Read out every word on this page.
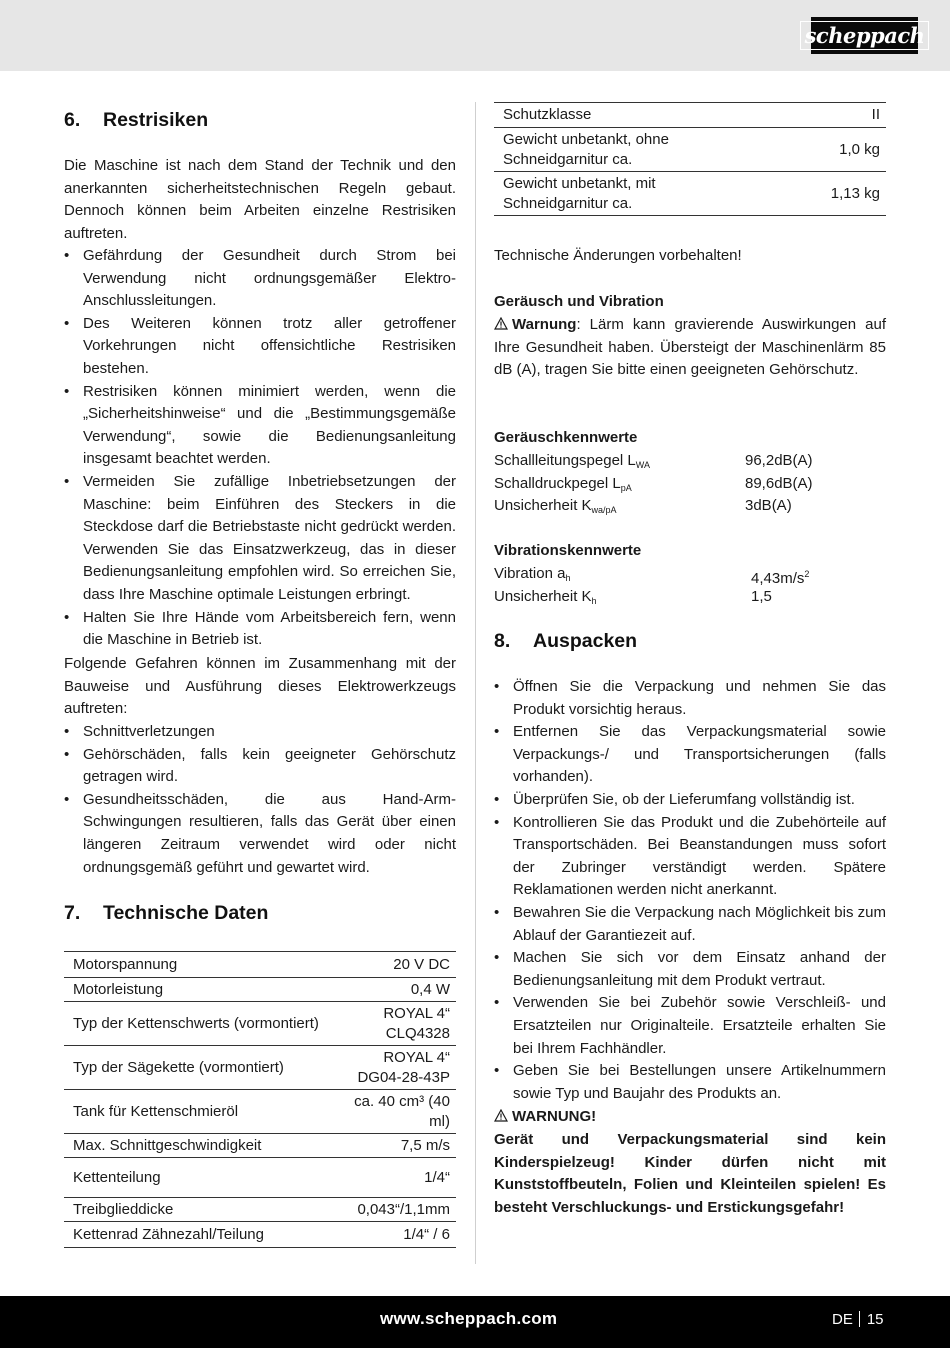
scheppach
6.	Restrisiken
Die Maschine ist nach dem Stand der Technik und den anerkannten sicherheitstechnischen Regeln gebaut. Dennoch können beim Arbeiten einzelne Restrisiken auftreten.
• Gefährdung der Gesundheit durch Strom bei Verwendung nicht ordnungsgemäßer Elektro-Anschlussleitungen.
• Des Weiteren können trotz aller getroffener Vorkehrungen nicht offensichtliche Restrisiken bestehen.
• Restrisiken können minimiert werden, wenn die „Sicherheitshinweise“ und die „Bestimmungsgemäße Verwendung“, sowie die Bedienungsanleitung insgesamt beachtet werden.
• Vermeiden Sie zufällige Inbetriebsetzungen der Maschine: beim Einführen des Steckers in die Steckdose darf die Betriebstaste nicht gedrückt werden. Verwenden Sie das Einsatzwerkzeug, das in dieser Bedienungsanleitung empfohlen wird. So erreichen Sie, dass Ihre Maschine optimale Leistungen erbringt.
• Halten Sie Ihre Hände vom Arbeitsbereich fern, wenn die Maschine in Betrieb ist.
Folgende Gefahren können im Zusammenhang mit der Bauweise und Ausführung dieses Elektrowerkzeugs auftreten:
• Schnittverletzungen
• Gehörschäden, falls kein geeigneter Gehörschutz getragen wird.
• Gesundheitsschäden, die aus Hand-Arm-Schwingungen resultieren, falls das Gerät über einen längeren Zeitraum verwendet wird oder nicht ordnungsgemäß geführt und gewartet wird.
7.	Technische Daten
Motorspannung	20 V DC
Motorleistung	0,4 W
Typ der Kettenschwerts (vormontiert)	ROYAL 4“ CLQ4328
Typ der Sägekette (vormontiert)	ROYAL 4“ DG04-28-43P
Tank für Kettenschmieröl	ca. 40 cm³ (40 ml)
Max. Schnittgeschwindigkeit	7,5 m/s
Kettenteilung	1/4“
Treibglieddicke	0,043“/1,1mm
Kettenrad Zähnezahl/Teilung	1/4“ / 6
Schutzklasse	II
Gewicht unbetankt, ohne Schneidgarnitur ca.	1,0 kg
Gewicht unbetankt, mit Schneidgarnitur ca.	1,13 kg
Technische Änderungen vorbehalten!
Geräusch und Vibration
Warnung: Lärm kann gravierende Auswirkungen auf Ihre Gesundheit haben. Übersteigt der Maschinenlärm 85 dB (A), tragen Sie bitte einen geeigneten Gehörschutz.
Geräuschkennwerte
Schallleitungspegel $L_{WA}$	96,2dB(A)
Schalldruckpegel $L_{pA}$	89,6dB(A)
Unsicherheit $K_{wa/pA}$	3dB(A)
Vibrationskennwerte
Vibration $a_h$	$4,43m/s^2$
Unsicherheit $K_h$	1,5
8.	Auspacken
• Öffnen Sie die Verpackung und nehmen Sie das Produkt vorsichtig heraus.
• Entfernen Sie das Verpackungsmaterial sowie Verpackungs-/ und Transportsicherungen (falls vorhanden).
• Überprüfen Sie, ob der Lieferumfang vollständig ist.
• Kontrollieren Sie das Produkt und die Zubehörteile auf Transportschäden. Bei Beanstandungen muss sofort der Zubringer verständigt werden. Spätere Reklamationen werden nicht anerkannt.
• Bewahren Sie die Verpackung nach Möglichkeit bis zum Ablauf der Garantiezeit auf.
• Machen Sie sich vor dem Einsatz anhand der Bedienungsanleitung mit dem Produkt vertraut.
• Verwenden Sie bei Zubehör sowie Verschleiß- und Ersatzteilen nur Originalteile. Ersatzteile erhalten Sie bei Ihrem Fachhändler.
• Geben Sie bei Bestellungen unsere Artikelnummern sowie Typ und Baujahr des Produkts an.
WARNUNG!
Gerät und Verpackungsmaterial sind kein Kinderspielzeug! Kinder dürfen nicht mit Kunststoffbeuteln, Folien und Kleinteilen spielen! Es besteht Verschluckungs- und Erstickungsgefahr!
www.scheppach.com	DE 15
